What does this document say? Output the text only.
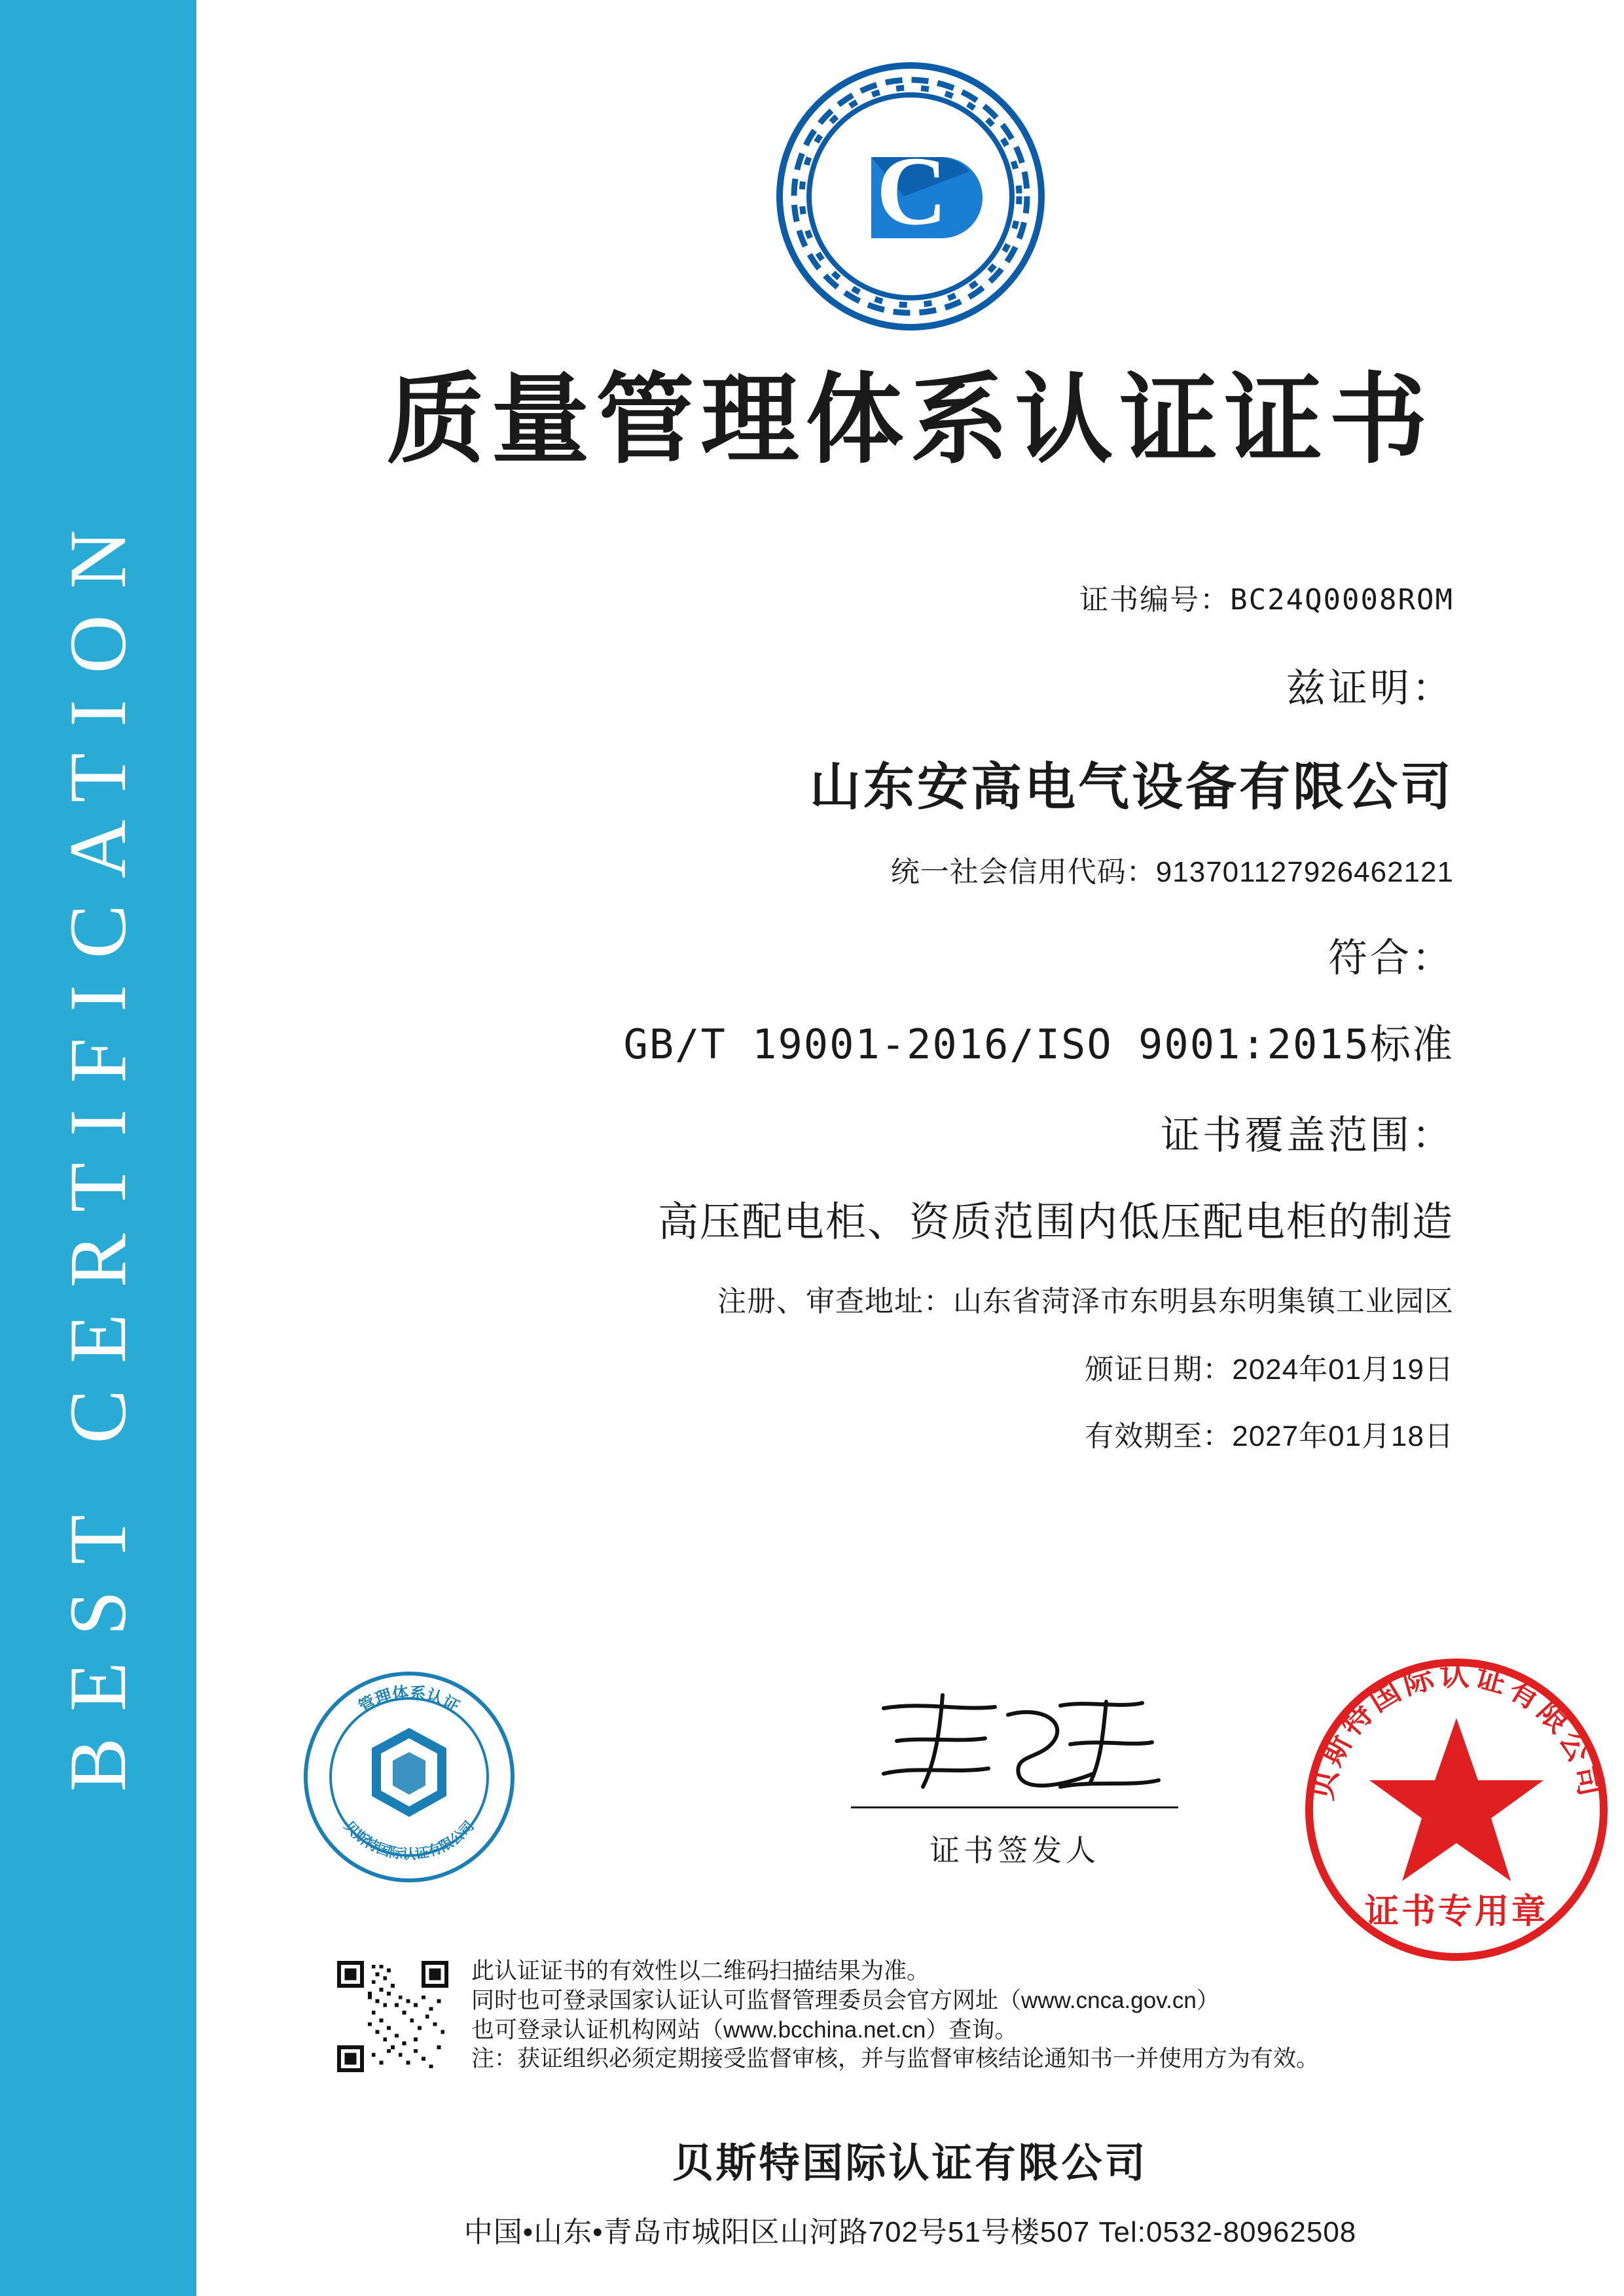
BEST CERTIFICATION
C
质量管理体系认证证书
证书编号：BC24Q0008ROM
兹证明：
山东安高电气设备有限公司
统一社会信用代码：913701127926462121
符合：
GB/T 19001-2016/ISO 9001:2015标准
证书覆盖范围：
高压配电柜、资质范围内低压配电柜的制造
注册、审查地址：山东省菏泽市东明县东明集镇工业园区
颁证日期：2024年01月19日
有效期至：2027年01月18日
管理体系认证
贝斯特国际认证有限公司
证书签发人
贝斯特国际认证有限公司
证书专用章
此认证证书的有效性以二维码扫描结果为准。
同时也可登录国家认证认可监督管理委员会官方网址（www.cnca.gov.cn）
也可登录认证机构网站（www.bcchina.net.cn）查询。
注：获证组织必须定期接受监督审核，并与监督审核结论通知书一并使用方为有效。
贝斯特国际认证有限公司
中国•山东•青岛市城阳区山河路702号51号楼507 Tel:0532-80962508
